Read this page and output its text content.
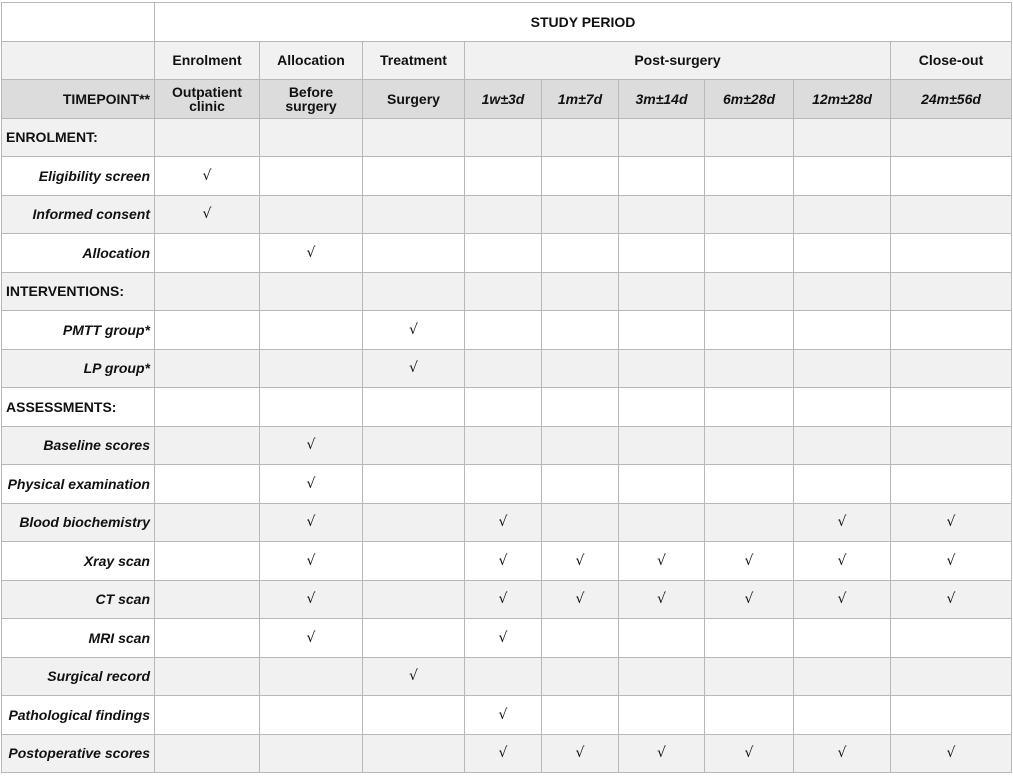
	STUDY PERIOD								
	Enrolment	Allocation	Treatment	Post-surgery					Close-out
TIMEPOINT**	Outpatient clinic	Before surgery	Surgery	1w±3d	1m±7d	3m±14d	6m±28d	12m±28d	24m±56d
ENROLMENT:									
Eligibility screen	√								
Informed consent	√								
Allocation		√							
INTERVENTIONS:									
PMTT group*			√						
LP group*			√						
ASSESSMENTS:									
Baseline scores		√							
Physical examination		√							
Blood biochemistry		√		√				√	√
Xray scan		√		√	√	√	√	√	√
CT scan		√		√	√	√	√	√	√
MRI scan		√		√					
Surgical record			√						
Pathological findings				√					
Postoperative scores				√	√	√	√	√	√
